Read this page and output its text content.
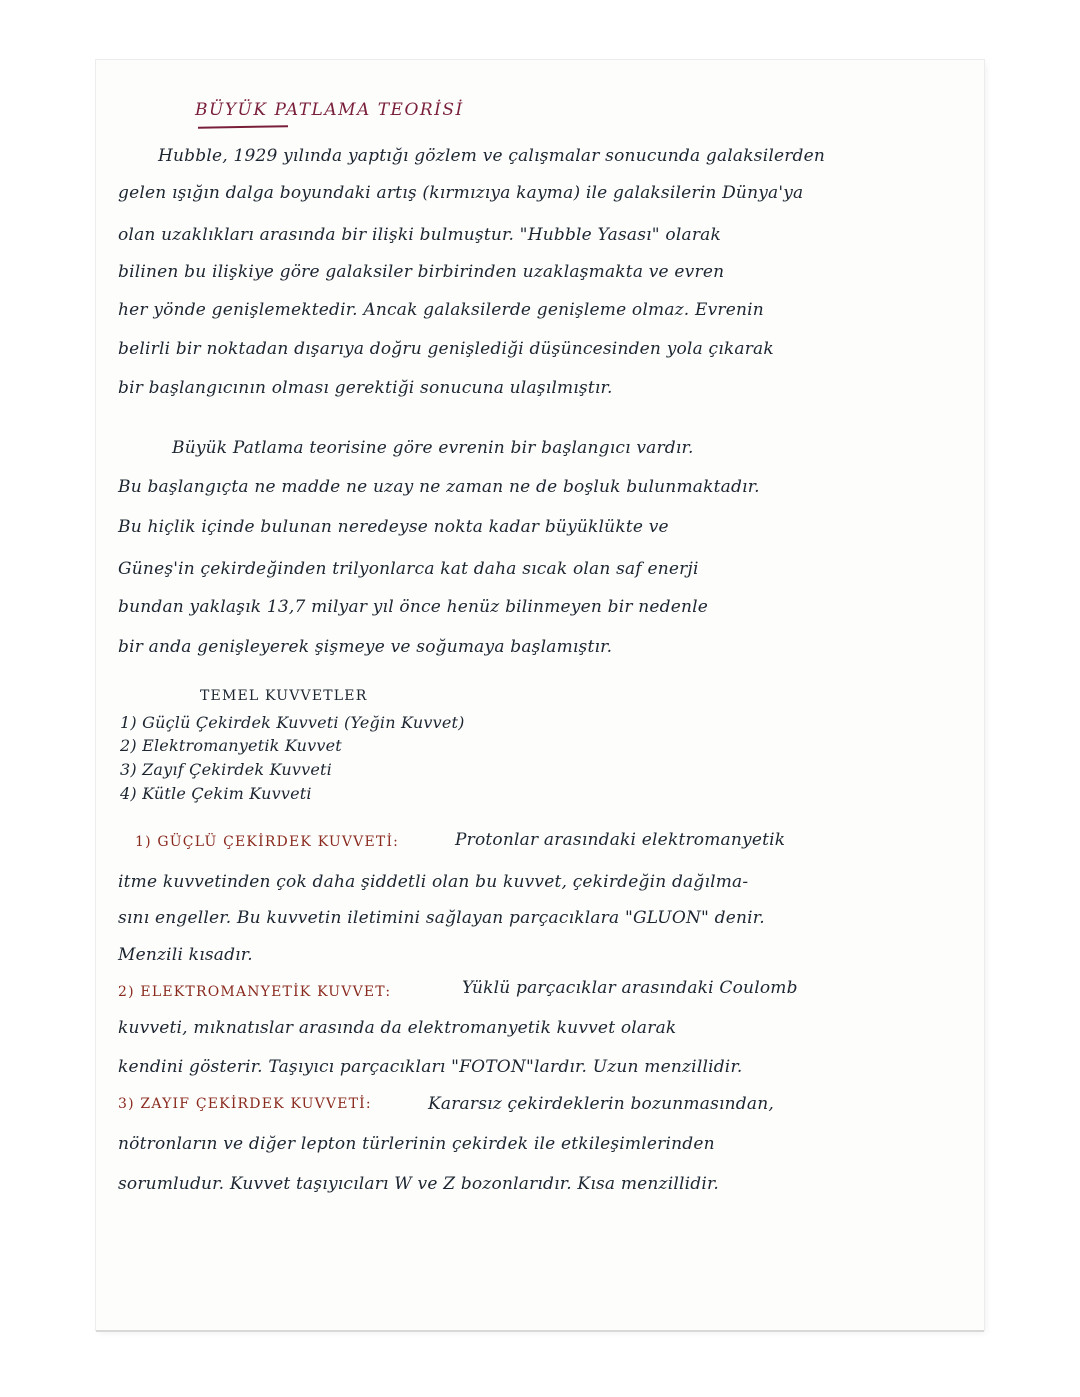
BÜYÜK PATLAMA TEORİSİ
Hubble, 1929 yılında yaptığı gözlem ve çalışmalar sonucunda galaksilerden
gelen ışığın dalga boyundaki artış (kırmızıya kayma) ile galaksilerin Dünya'ya
olan uzaklıkları arasında bir ilişki bulmuştur. "Hubble Yasası" olarak
bilinen bu ilişkiye göre galaksiler birbirinden uzaklaşmakta ve evren
her yönde genişlemektedir. Ancak galaksilerde genişleme olmaz. Evrenin
belirli bir noktadan dışarıya doğru genişlediği düşüncesinden yola çıkarak
bir başlangıcının olması gerektiği sonucuna ulaşılmıştır.
Büyük Patlama teorisine göre evrenin bir başlangıcı vardır.
Bu başlangıçta ne madde ne uzay ne zaman ne de boşluk bulunmaktadır.
Bu hiçlik içinde bulunan neredeyse nokta kadar büyüklükte ve
Güneş'in çekirdeğinden trilyonlarca kat daha sıcak olan saf enerji
bundan yaklaşık 13,7 milyar yıl önce henüz bilinmeyen bir nedenle
bir anda genişleyerek şişmeye ve soğumaya başlamıştır.
TEMEL KUVVETLER
1) Güçlü Çekirdek Kuvveti (Yeğin Kuvvet)
2) Elektromanyetik Kuvvet
3) Zayıf Çekirdek Kuvveti
4) Kütle Çekim Kuvveti
1) GÜÇLÜ ÇEKİRDEK KUVVETİ:	Protonlar arasındaki elektromanyetik
itme kuvvetinden çok daha şiddetli olan bu kuvvet, çekirdeğin dağılma-
sını engeller. Bu kuvvetin iletimini sağlayan parçacıklara "GLUON" denir.
Menzili kısadır.
2) ELEKTROMANYETİK KUVVET:	Yüklü parçacıklar arasındaki Coulomb
kuvveti, mıknatıslar arasında da elektromanyetik kuvvet olarak
kendini gösterir. Taşıyıcı parçacıkları "FOTON"lardır. Uzun menzillidir.
3) ZAYIF ÇEKİRDEK KUVVETİ:	Kararsız çekirdeklerin bozunmasından,
nötronların ve diğer lepton türlerinin çekirdek ile etkileşimlerinden
sorumludur. Kuvvet taşıyıcıları W ve Z bozonlarıdır. Kısa menzillidir.
